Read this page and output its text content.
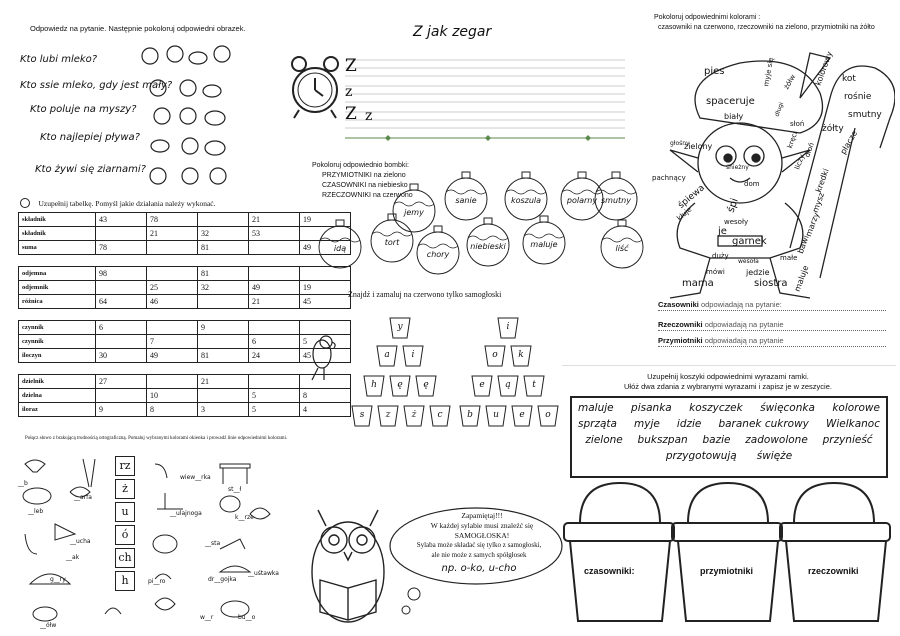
Odpowiedz na pytanie. Następnie pokoloruj odpowiedni obrazek.
Kto lubi mleko?
Kto ssie mleko, gdy jest mały?
Kto poluje na myszy?
Kto najlepiej pływa?
Kto żywi się ziarnami?
Uzupełnij tabelkę. Pomyśl jakie działania należy wykonać.
składnik	43	78		21	19
składnik		21	32	53	
suma	78		81		49
odjemna	98		81		
odjemnik		25	32	49	19
różnica	64	46		21	45
czynnik	6		9		
czynnik		7		6	5
iloczyn	30	49	81	24	45
dzielnik	27		21		
dzielna		10		5	8
iloraz	9	8	3	5	4
Połącz słowo z brakującą trudnością ortograficzną. Pomaluj wybranymi kolorami okienka i prowadź linie odpowiednimi kolorami.
rz
ż
u
ó
ch
h
__b
__leb
__arfa
__ak
__ucha
g__ry
__ółw
wiew__rka
st__ł
__ulajnoga
k__rze
__sta
__uśtawka
pi__ro	dr__gojka
w__r	bu__o
Z jak zegar
Z
z
Z z
Pokoloruj odpowiednio bombki:
PRZYMIOTNIKI na zielono
CZASOWNIKI na niebiesko
RZECZOWNIKI na czerwono
jemy
sanie	koszula	polarny smutny
idą
tort
chory
niebieski	maluje	liść
Znajdź i zamaluj na czerwono tylko samogłoski
y
a	i
h	ę	ę
s	z	ż	c
i
o	k
e	ą	t
b	u	e	o
Zapamiętaj!!!
W każdej sylabie musi znaleźć się
SAMOGŁOSKA!
Sylaba może składać się tylko z samogłoski,
ale nie może z samych spółgłosek
np. o-ko, u-cho
Pokoloruj odpowiednimi kolorami :
czasowniki na czerwono, rzeczowniki na zielono, przymiotniki na żółto
pies
spaceruje
biały
zielony
śnieżny
pachnący
śpiewa śpi
dom
wesoły
je
garnek
duży
wesoła
mówi
mama
jedzie
siostra
małe
maluje
bawi
marzy
mysz
kredki
myje się	kolorowy
żółw	kot
rośnie
smutny
żółty
płacze
słoń
kręci
dłoń
liczy
głośny
długi
kłuje
Czasowniki odpowiadają na pytanie:
Rzeczowniki odpowiadają na pytanie
Przymiotniki odpowiadają na pytanie
Uzupełnij koszyki odpowiednimi wyrazami ramki.
Ułóż dwa zdania z wybranymi wyrazami i zapisz je w zeszycie.
maluje pisanka koszyczek święconka kolorowe
sprząta myje idzie baranek cukrowy Wielkanoc
zielone bukszpan bazie zadowolone przynieść
przygotowują święże
czasowniki:	przymiotniki	rzeczowniki
